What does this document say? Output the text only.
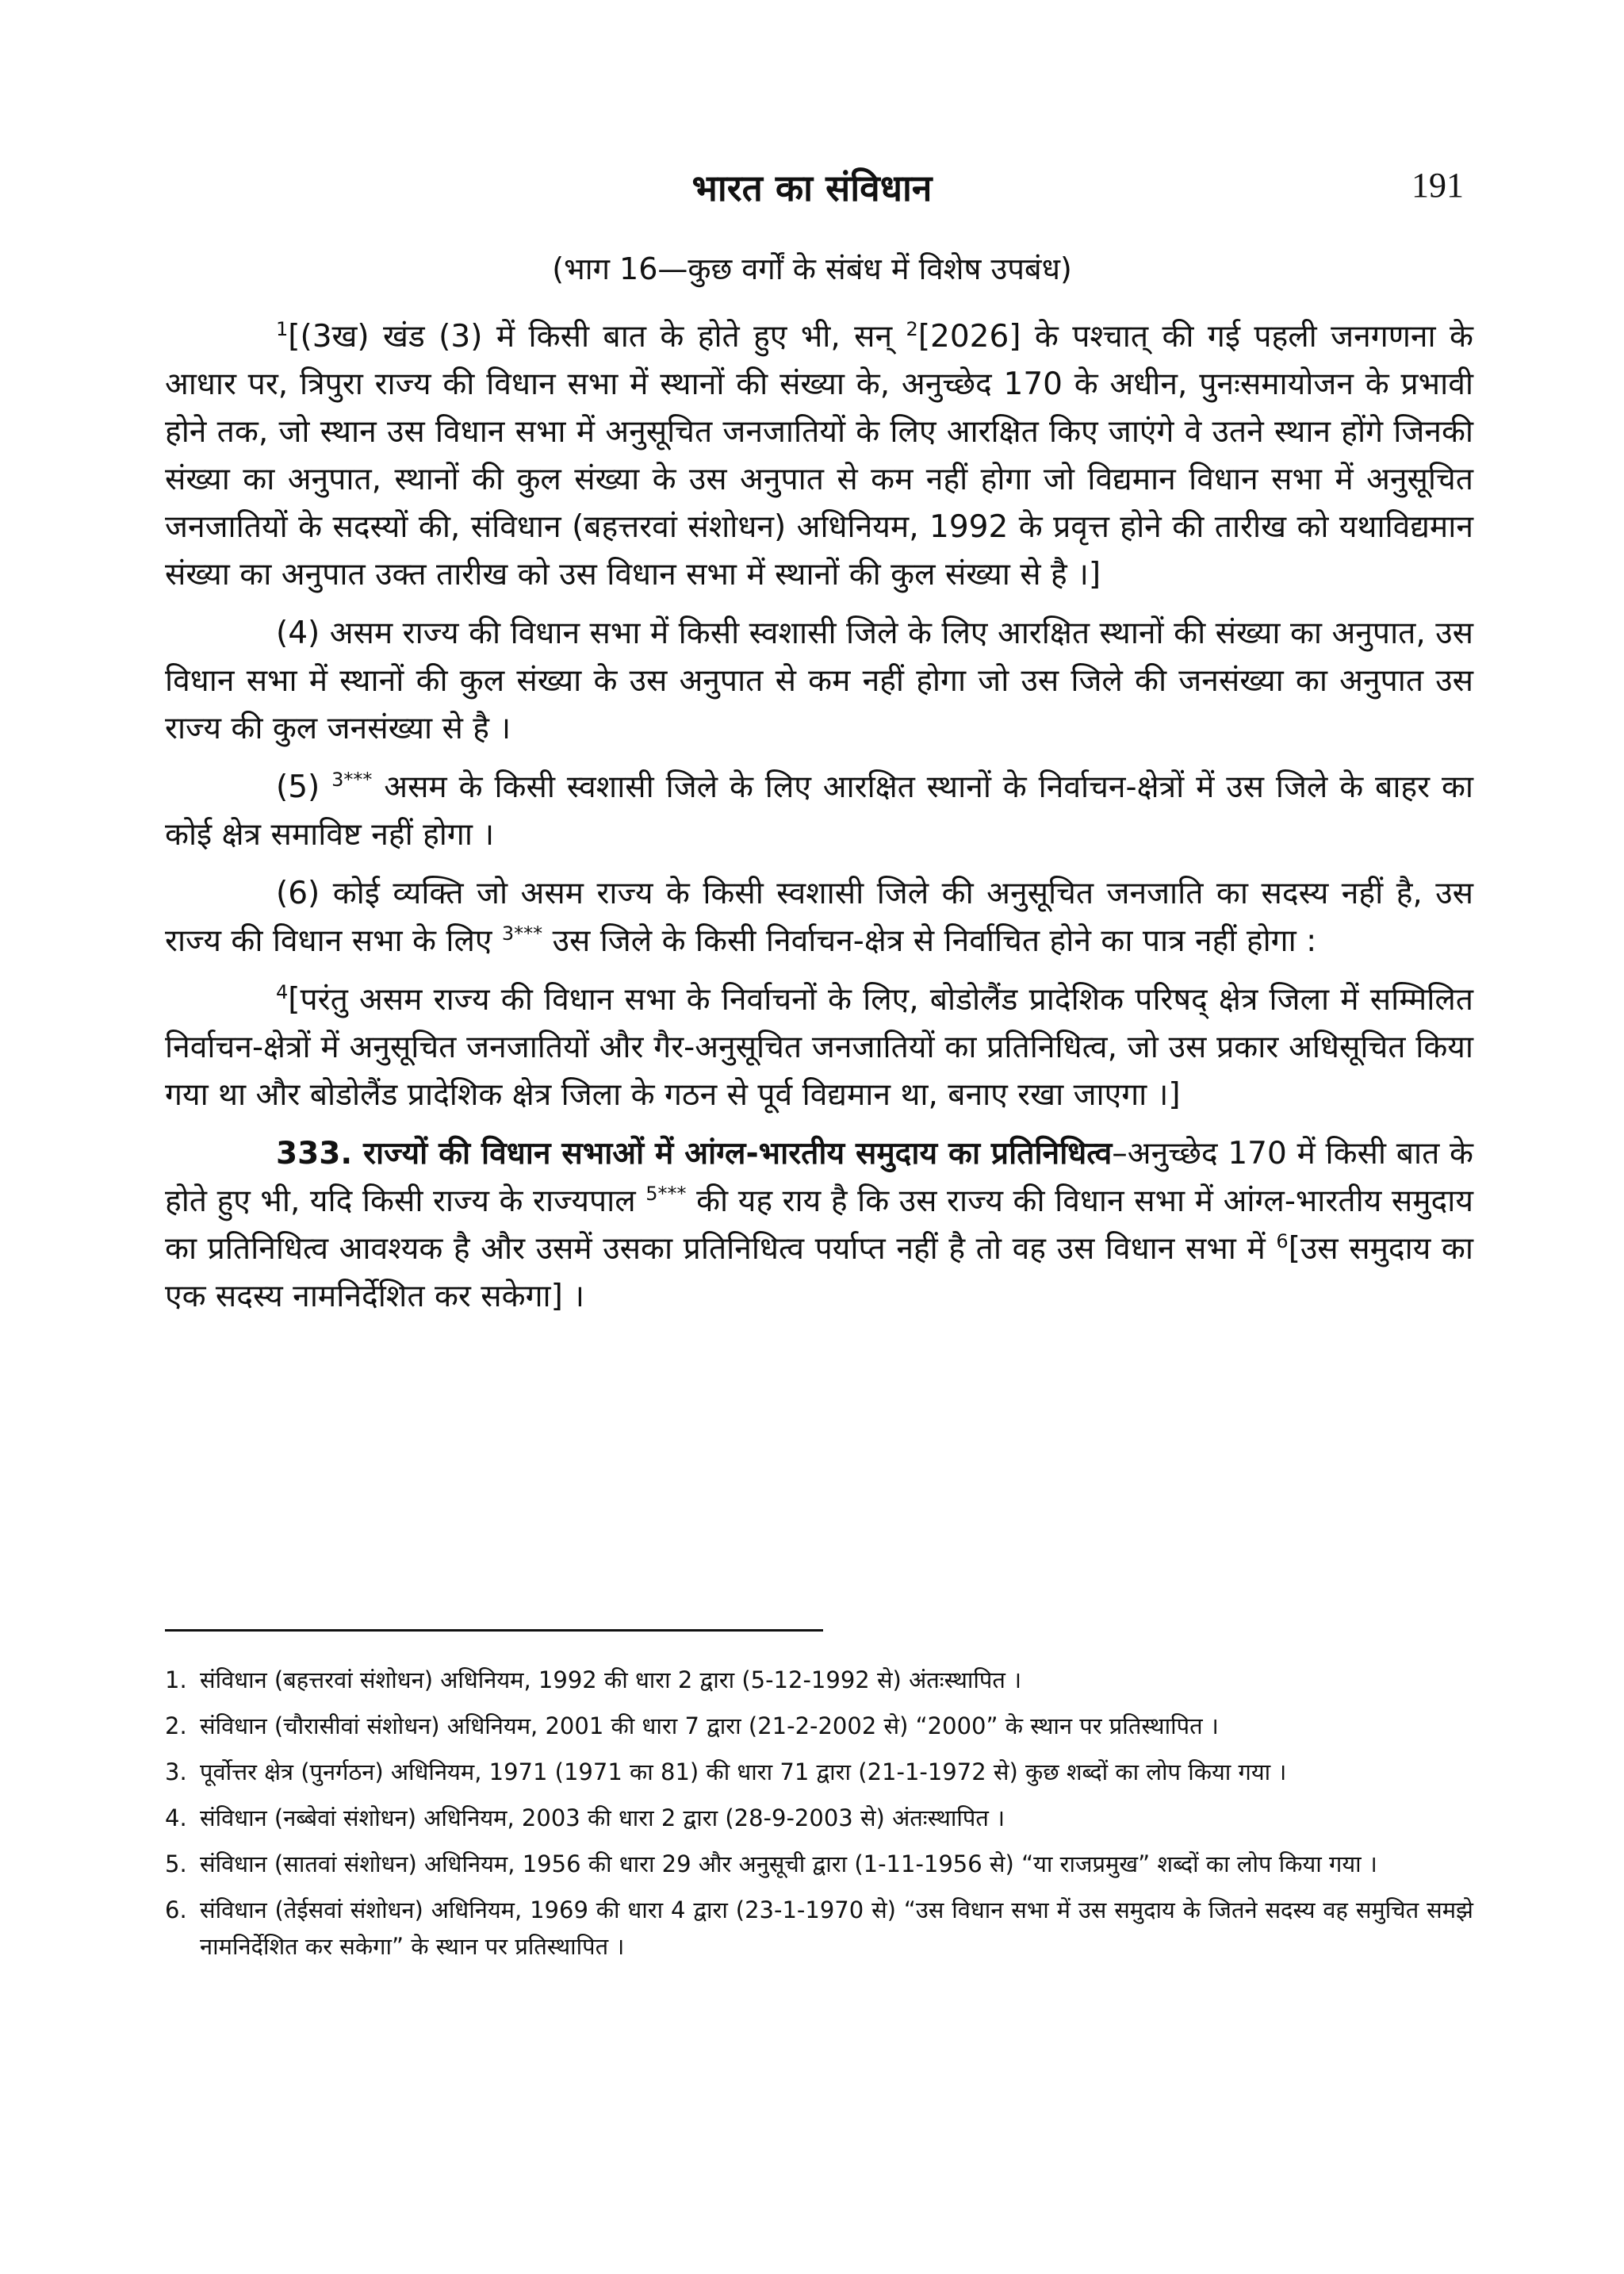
भारत का संविधान	191
(भाग 16—कुछ वर्गों के संबंध में विशेष उपबंध)

$^1$[(3ख) खंड (3) में किसी बात के होते हुए भी, सन् $^2$[2026] के पश्चात् की गई पहली जनगणना के आधार पर, त्रिपुरा राज्य की विधान सभा में स्थानों की संख्या के, अनुच्छेद 170 के अधीन, पुनःसमायोजन के प्रभावी होने तक, जो स्थान उस विधान सभा में अनुसूचित जनजातियों के लिए आरक्षित किए जाएंगे वे उतने स्थान होंगे जिनकी संख्या का अनुपात, स्थानों की कुल संख्या के उस अनुपात से कम नहीं होगा जो विद्यमान विधान सभा में अनुसूचित जनजातियों के सदस्यों की, संविधान (बहत्तरवां संशोधन) अधिनियम, 1992 के प्रवृत्त होने की तारीख को यथाविद्यमान संख्या का अनुपात उक्त तारीख को उस विधान सभा में स्थानों की कुल संख्या से है ।]

(4) असम राज्य की विधान सभा में किसी स्वशासी जिले के लिए आरक्षित स्थानों की संख्या का अनुपात, उस विधान सभा में स्थानों की कुल संख्या के उस अनुपात से कम नहीं होगा जो उस जिले की जनसंख्या का अनुपात उस राज्य की कुल जनसंख्या से है ।

(5) $^{3***}$ असम के किसी स्वशासी जिले के लिए आरक्षित स्थानों के निर्वाचन-क्षेत्रों में उस जिले के बाहर का कोई क्षेत्र समाविष्ट नहीं होगा ।

(6) कोई व्यक्ति जो असम राज्य के किसी स्वशासी जिले की अनुसूचित जनजाति का सदस्य नहीं है, उस राज्य की विधान सभा के लिए $^{3***}$ उस जिले के किसी निर्वाचन-क्षेत्र से निर्वाचित होने का पात्र नहीं होगा :

$^4$[परंतु असम राज्य की विधान सभा के निर्वाचनों के लिए, बोडोलैंड प्रादेशिक परिषद् क्षेत्र जिला में सम्मिलित निर्वाचन-क्षेत्रों में अनुसूचित जनजातियों और गैर-अनुसूचित जनजातियों का प्रतिनिधित्व, जो उस प्रकार अधिसूचित किया गया था और बोडोलैंड प्रादेशिक क्षेत्र जिला के गठन से पूर्व विद्यमान था, बनाए रखा जाएगा ।]

333. राज्यों की विधान सभाओं में आंग्ल-भारतीय समुदाय का प्रतिनिधित्व–अनुच्छेद 170 में किसी बात के होते हुए भी, यदि किसी राज्य के राज्यपाल $^{5***}$ की यह राय है कि उस राज्य की विधान सभा में आंग्ल-भारतीय समुदाय का प्रतिनिधित्व आवश्यक है और उसमें उसका प्रतिनिधित्व पर्याप्त नहीं है तो वह उस विधान सभा में $^6$[उस समुदाय का एक सदस्य नामनिर्देशित कर सकेगा] ।

1. संविधान (बहत्तरवां संशोधन) अधिनियम, 1992 की धारा 2 द्वारा (5-12-1992 से) अंतःस्थापित ।
2. संविधान (चौरासीवां संशोधन) अधिनियम, 2001 की धारा 7 द्वारा (21-2-2002 से) “2000” के स्थान पर प्रतिस्थापित ।
3. पूर्वोत्तर क्षेत्र (पुनर्गठन) अधिनियम, 1971 (1971 का 81) की धारा 71 द्वारा (21-1-1972 से) कुछ शब्दों का लोप किया गया ।
4. संविधान (नब्बेवां संशोधन) अधिनियम, 2003 की धारा 2 द्वारा (28-9-2003 से) अंतःस्थापित ।
5. संविधान (सातवां संशोधन) अधिनियम, 1956 की धारा 29 और अनुसूची द्वारा (1-11-1956 से) “या राजप्रमुख” शब्दों का लोप किया गया ।
6. संविधान (तेईसवां संशोधन) अधिनियम, 1969 की धारा 4 द्वारा (23-1-1970 से) “उस विधान सभा में उस समुदाय के जितने सदस्य वह समुचित समझे नामनिर्देशित कर सकेगा” के स्थान पर प्रतिस्थापित ।
